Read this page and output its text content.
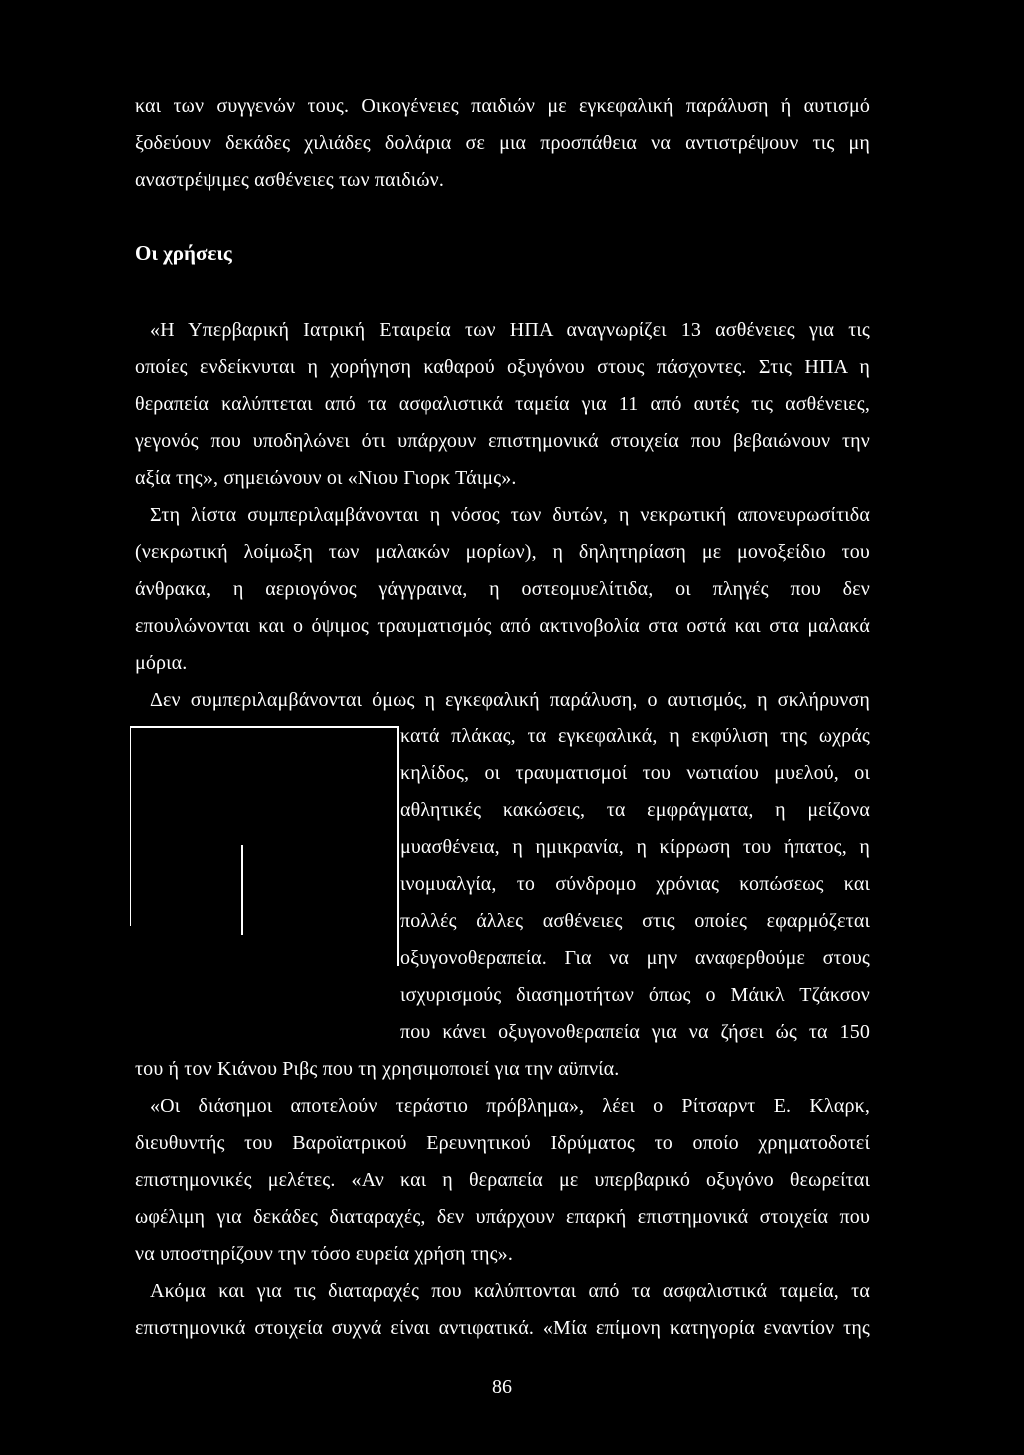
και των συγγενών τους. Οικογένειες παιδιών με εγκεφαλική παράλυση ή αυτισμό
ξοδεύουν δεκάδες χιλιάδες δολάρια σε μια προσπάθεια να αντιστρέψουν τις μη
αναστρέψιμες ασθένειες των παιδιών.
Οι χρήσεις
«Η Υπερβαρική Ιατρική Εταιρεία των ΗΠΑ αναγνωρίζει 13 ασθένειες για τις
οποίες ενδείκνυται η χορήγηση καθαρού οξυγόνου στους πάσχοντες. Στις ΗΠΑ η
θεραπεία καλύπτεται από τα ασφαλιστικά ταμεία για 11 από αυτές τις ασθένειες,
γεγονός που υποδηλώνει ότι υπάρχουν επιστημονικά στοιχεία που βεβαιώνουν την
αξία της», σημειώνουν οι «Νιου Γιορκ Τάιμς».
Στη λίστα συμπεριλαμβάνονται η νόσος των δυτών, η νεκρωτική απονευρωσίτιδα
(νεκρωτική λοίμωξη των μαλακών μορίων), η δηλητηρίαση με μονοξείδιο του
άνθρακα, η αεριογόνος γάγγραινα, η οστεομυελίτιδα, οι πληγές που δεν
επουλώνονται και ο όψιμος τραυματισμός από ακτινοβολία στα οστά και στα μαλακά
μόρια.
Δεν συμπεριλαμβάνονται όμως η εγκεφαλική παράλυση, ο αυτισμός, η σκλήρυνση
κατά πλάκας, τα εγκεφαλικά, η εκφύλιση της ωχράς
κηλίδος, οι τραυματισμοί του νωτιαίου μυελού, οι
αθλητικές κακώσεις, τα εμφράγματα, η μείζονα
μυασθένεια, η ημικρανία, η κίρρωση του ήπατος, η
ινομυαλγία, το σύνδρομο χρόνιας κοπώσεως και
πολλές άλλες ασθένειες στις οποίες εφαρμόζεται
οξυγονοθεραπεία. Για να μην αναφερθούμε στους
ισχυρισμούς διασημοτήτων όπως ο Μάικλ Τζάκσον
που κάνει οξυγονοθεραπεία για να ζήσει ώς τα 150
του ή τον Κιάνου Ριβς που τη χρησιμοποιεί για την αϋπνία.
«Οι διάσημοι αποτελούν τεράστιο πρόβλημα», λέει ο Ρίτσαρντ Ε. Κλαρκ,
διευθυντής του Βαροϊατρικού Ερευνητικού Ιδρύματος το οποίο χρηματοδοτεί
επιστημονικές μελέτες. «Αν και η θεραπεία με υπερβαρικό οξυγόνο θεωρείται
ωφέλιμη για δεκάδες διαταραχές, δεν υπάρχουν επαρκή επιστημονικά στοιχεία που
να υποστηρίζουν την τόσο ευρεία χρήση της».
Ακόμα και για τις διαταραχές που καλύπτονται από τα ασφαλιστικά ταμεία, τα
επιστημονικά στοιχεία συχνά είναι αντιφατικά. «Μία επίμονη κατηγορία εναντίον της
86
